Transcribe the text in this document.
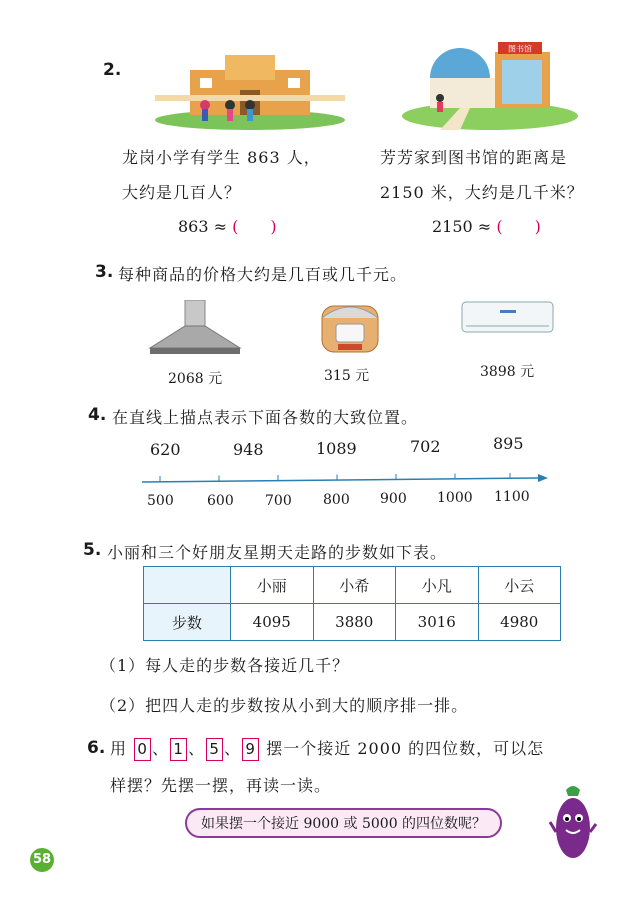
2.
图书馆
龙岗小学有学生 863 人，
大约是几百人？
863 ≈ ( )
芳芳家到图书馆的距离是
2150 米，大约是几千米？
2150 ≈ ( )
3. 每种商品的价格大约是几百或几千元。
2068 元	315 元	3898 元
4. 在直线上描点表示下面各数的大致位置。
620	948	1089	702	895
500 600 700 800 900 1000 1100
5. 小丽和三个好朋友星期天走路的步数如下表。
	小丽	小希	小凡	小云
步数	4095	3880	3016	4980
（1）每人走的步数各接近几千？
（2）把四人走的步数按从小到大的顺序排一排。
6. 用 0 、 1 、 5 、 9 摆一个接近 2000 的四位数，可以怎
样摆？先摆一摆，再读一读。
如果摆一个接近 9000 或 5000 的四位数呢？
58
